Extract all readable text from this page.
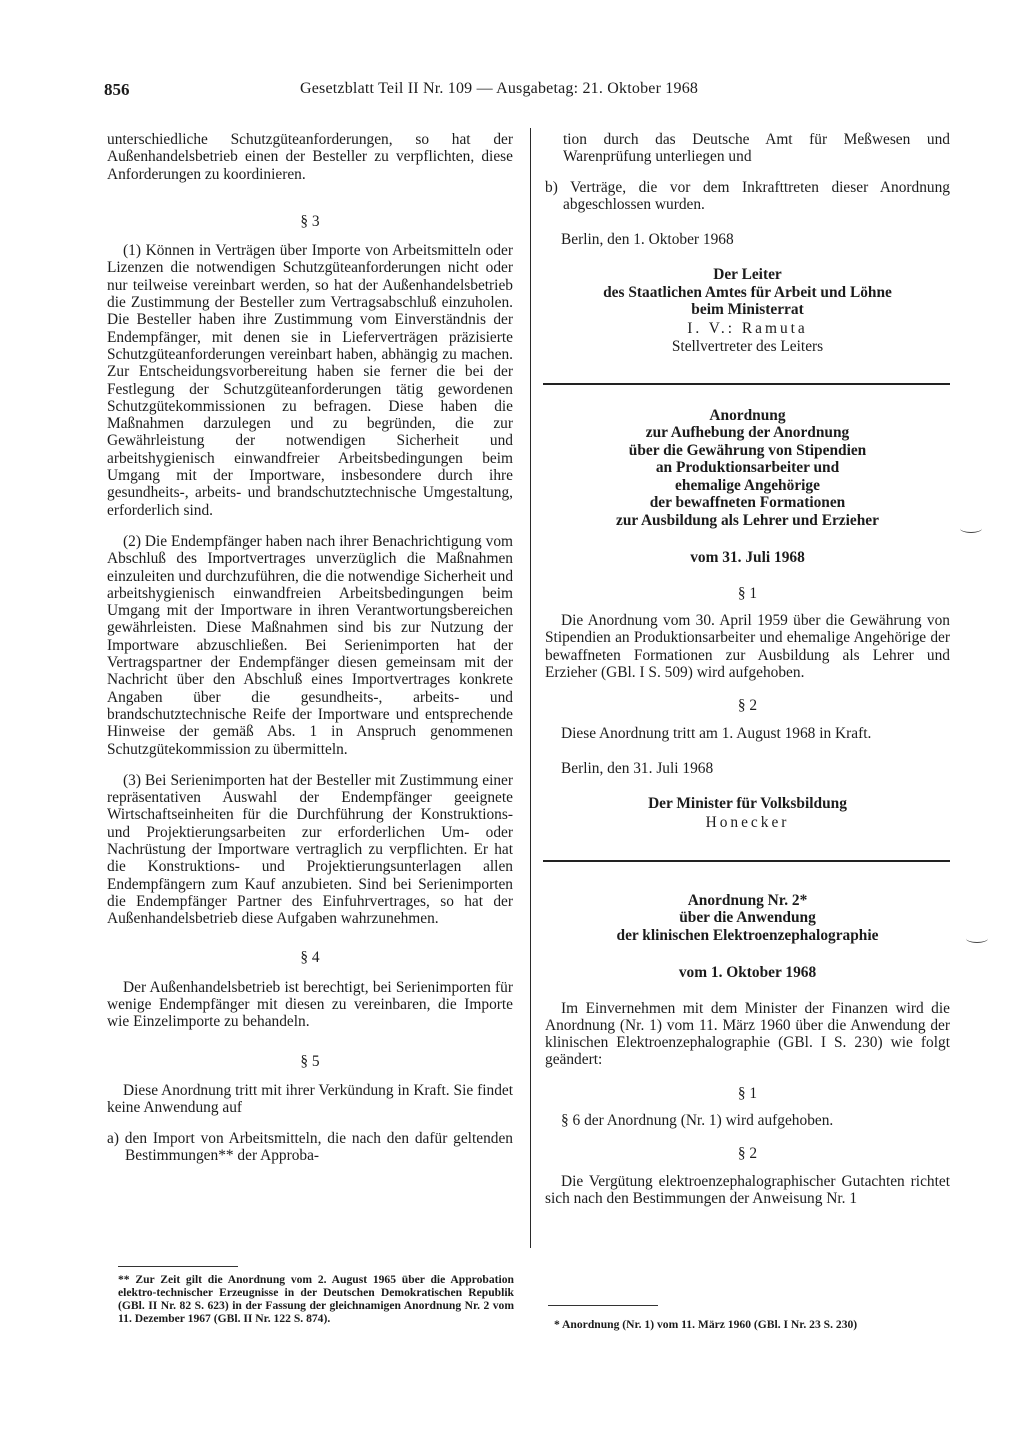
856	Gesetzblatt Teil II Nr. 109 — Ausgabetag: 21. Oktober 1968

unterschiedliche Schutzgüteanforderungen, so hat der Außenhandelsbetrieb einen der Besteller zu verpflichten, diese Anforderungen zu koordinieren.

§ 3

(1) Können in Verträgen über Importe von Arbeitsmitteln oder Lizenzen die notwendigen Schutzgüteanforderungen nicht oder nur teilweise vereinbart werden, so hat der Außenhandelsbetrieb die Zustimmung der Besteller zum Vertragsabschluß einzuholen. Die Besteller haben ihre Zustimmung vom Einverständnis der Endempfänger, mit denen sie in Lieferverträgen präzisierte Schutzgüteanforderungen vereinbart haben, abhängig zu machen. Zur Entscheidungsvorbereitung haben sie ferner die bei der Festlegung der Schutzgüteanforderungen tätig gewordenen Schutzgütekommissionen zu befragen. Diese haben die Maßnahmen darzulegen und zu begründen, die zur Gewährleistung der notwendigen Sicherheit und arbeitshygienisch einwandfreier Arbeitsbedingungen beim Umgang mit der Importware, insbesondere durch ihre gesundheits-, arbeits- und brandschutztechnische Umgestaltung, erforderlich sind.

(2) Die Endempfänger haben nach ihrer Benachrichtigung vom Abschluß des Importvertrages unverzüglich die Maßnahmen einzuleiten und durchzuführen, die die notwendige Sicherheit und arbeitshygienisch einwandfreien Arbeitsbedingungen beim Umgang mit der Importware in ihren Verantwortungsbereichen gewährleisten. Diese Maßnahmen sind bis zur Nutzung der Importware abzuschließen. Bei Serienimporten hat der Vertragspartner der Endempfänger diesen gemeinsam mit der Nachricht über den Abschluß eines Importvertrages konkrete Angaben über die gesundheits-, arbeits- und brandschutztechnische Reife der Importware und entsprechende Hinweise der gemäß Abs. 1 in Anspruch genommenen Schutzgütekommission zu übermitteln.

(3) Bei Serienimporten hat der Besteller mit Zustimmung einer repräsentativen Auswahl der Endempfänger geeignete Wirtschaftseinheiten für die Durchführung der Konstruktions- und Projektierungsarbeiten zur erforderlichen Um- oder Nachrüstung der Importware vertraglich zu verpflichten. Er hat die Konstruktions- und Projektierungsunterlagen allen Endempfängern zum Kauf anzubieten. Sind bei Serienimporten die Endempfänger Partner des Einfuhrvertrages, so hat der Außenhandelsbetrieb diese Aufgaben wahrzunehmen.

§ 4

Der Außenhandelsbetrieb ist berechtigt, bei Serienimporten für wenige Endempfänger mit diesen zu vereinbaren, die Importe wie Einzelimporte zu behandeln.

§ 5

Diese Anordnung tritt mit ihrer Verkündung in Kraft. Sie findet keine Anwendung auf

a) den Import von Arbeitsmitteln, die nach den dafür geltenden Bestimmungen** der Approba-

** Zur Zeit gilt die Anordnung vom 2. August 1965 über die Approbation elektro-technischer Erzeugnisse in der Deutschen Demokratischen Republik (GBl. II Nr. 82 S. 623) in der Fassung der gleichnamigen Anordnung Nr. 2 vom 11. Dezember 1967 (GBl. II Nr. 122 S. 874).

tion durch das Deutsche Amt für Meßwesen und Warenprüfung unterliegen und

b) Verträge, die vor dem Inkrafttreten dieser Anordnung abgeschlossen wurden.

Berlin, den 1. Oktober 1968

Der Leiter

des Staatlichen Amtes für Arbeit und Löhne

beim Ministerrat

I. V.: Ramuta

Stellvertreter des Leiters

Anordnung

zur Aufhebung der Anordnung

über die Gewährung von Stipendien

an Produktionsarbeiter und

ehemalige Angehörige

der bewaffneten Formationen

zur Ausbildung als Lehrer und Erzieher

vom 31. Juli 1968

§ 1

Die Anordnung vom 30. April 1959 über die Gewährung von Stipendien an Produktionsarbeiter und ehemalige Angehörige der bewaffneten Formationen zur Ausbildung als Lehrer und Erzieher (GBl. I S. 509) wird aufgehoben.

§ 2

Diese Anordnung tritt am 1. August 1968 in Kraft.

Berlin, den 31. Juli 1968

Der Minister für Volksbildung

Honecker

Anordnung Nr. 2*

über die Anwendung

der klinischen Elektroenzephalographie

vom 1. Oktober 1968

Im Einvernehmen mit dem Minister der Finanzen wird die Anordnung (Nr. 1) vom 11. März 1960 über die Anwendung der klinischen Elektroenzephalographie (GBl. I S. 230) wie folgt geändert:

§ 1

§ 6 der Anordnung (Nr. 1) wird aufgehoben.

§ 2

Die Vergütung elektroenzephalographischer Gutachten richtet sich nach den Bestimmungen der Anweisung Nr. 1

* Anordnung (Nr. 1) vom 11. März 1960 (GBl. I Nr. 23 S. 230)
